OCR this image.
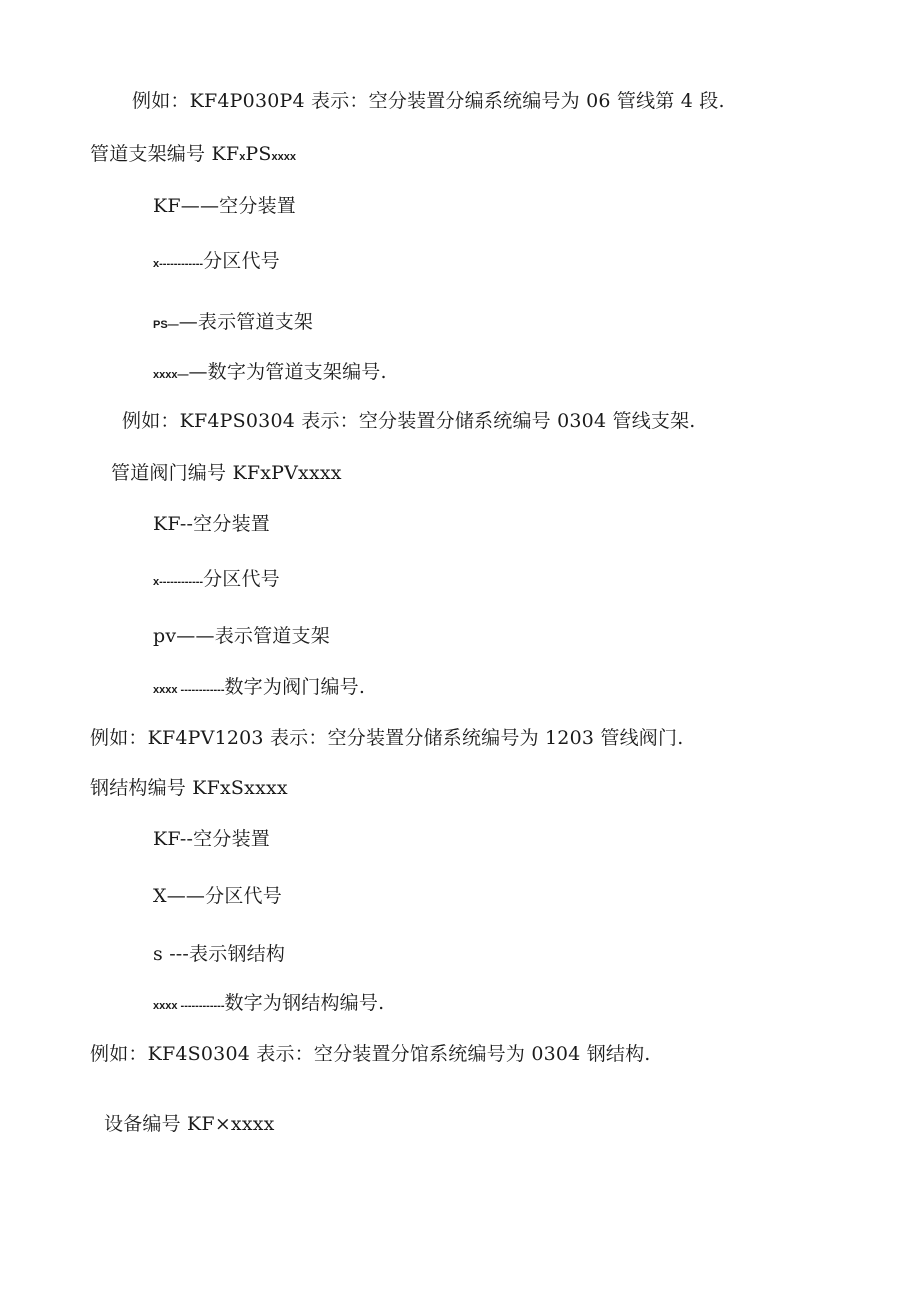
例如：KF4P030P4 表示：空分装置分编系统编号为 06 管线第 4 段.
管道支架编号 KFxPSxxxx
KF——空分装置
x------------分区代号
PS——表示管道支架
xxxx——数字为管道支架编号.
例如：KF4PS0304 表示：空分装置分储系统编号 0304 管线支架.
管道阀门编号 KFxPVxxxx
KF--空分装置
x------------分区代号
pv——表示管道支架
xxxx ------------数字为阀门编号.
例如：KF4PV1203 表示：空分装置分储系统编号为 1203 管线阀门.
钢结构编号 KFxSxxxx
KF--空分装置
X——分区代号
s ---表示钢结构
xxxx ------------数字为钢结构编号.
例如：KF4S0304 表示：空分装置分馆系统编号为 0304 钢结构.
设备编号 KF×xxxx
